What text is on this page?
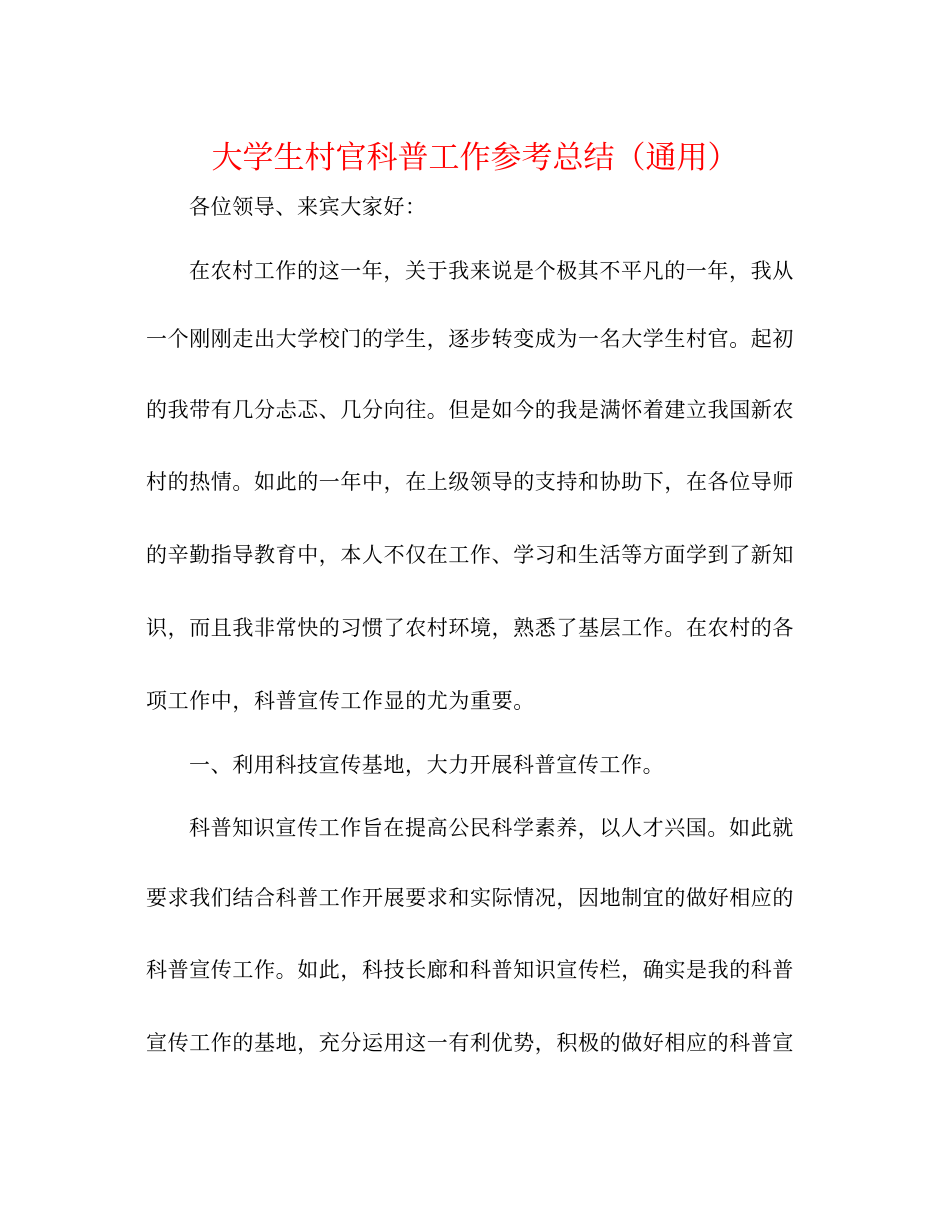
大学生村官科普工作参考总结（通用）
各位领导、来宾大家好：
在农村工作的这一年，关于我来说是个极其不平凡的一年，我从
一个刚刚走出大学校门的学生，逐步转变成为一名大学生村官。起初
的我带有几分忐忑、几分向往。但是如今的我是满怀着建立我国新农
村的热情。如此的一年中，在上级领导的支持和协助下，在各位导师
的辛勤指导教育中，本人不仅在工作、学习和生活等方面学到了新知
识，而且我非常快的习惯了农村环境，熟悉了基层工作。在农村的各
项工作中，科普宣传工作显的尤为重要。
一、利用科技宣传基地，大力开展科普宣传工作。
科普知识宣传工作旨在提高公民科学素养，以人才兴国。如此就
要求我们结合科普工作开展要求和实际情况，因地制宜的做好相应的
科普宣传工作。如此，科技长廊和科普知识宣传栏，确实是我的科普
宣传工作的基地，充分运用这一有利优势，积极的做好相应的科普宣
